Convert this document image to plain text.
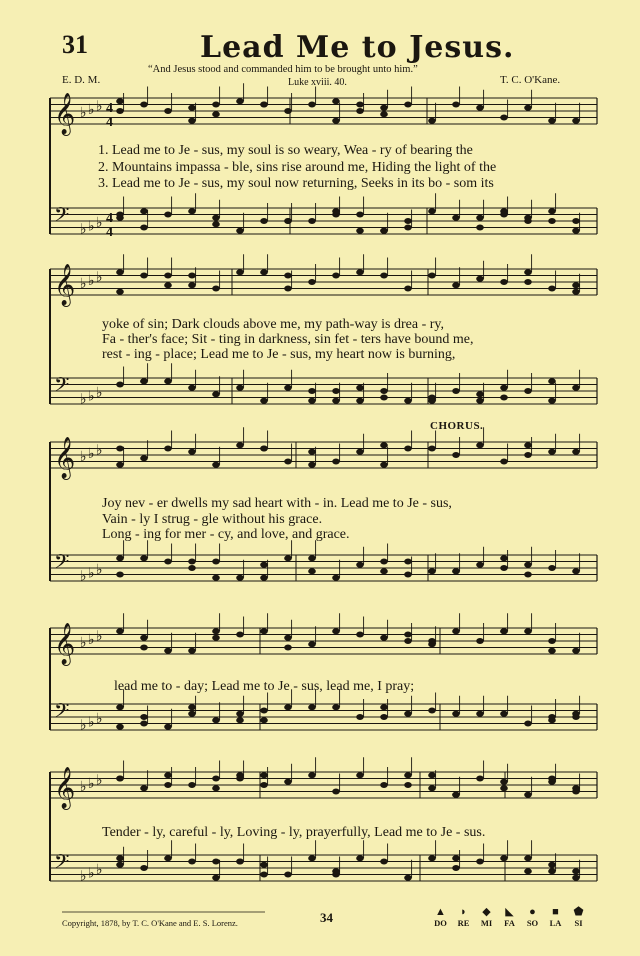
31	Lead Me to Jesus.
“And Jesus stood and commanded him to be brought unto him.”
Luke xviii. 40.
E. D. M.	T. C. O'Kane.
𝄞 ♭ ♭ ♭
𝄢 ♭ ♭ ♭
𝄞 ♭ ♭ ♭
𝄢 ♭ ♭ ♭
𝄞 ♭ ♭ ♭
𝄢 ♭ ♭ ♭
𝄞 ♭ ♭ ♭
𝄢 ♭ ♭ ♭
𝄞 ♭ ♭ ♭
𝄢 ♭ ♭ ♭
4
4
4
4
1. Lead me to Je - sus, my soul is so weary, Wea - ry of bearing the
2. Mountains impassa - ble, sins rise around me, Hiding the light of the
3. Lead me to Je - sus, my soul now returning, Seeks in its bo - som its
yoke of sin; Dark clouds above me, my path-way is drea - ry,
Fa - ther's face; Sit - ting in darkness, sin fet - ters have bound me,
rest - ing - place; Lead me to Je - sus, my heart now is burning,
CHORUS.
Joy nev - er dwells my sad heart with - in. Lead me to Je - sus,
Vain - ly I strug - gle without his grace.
Long - ing for mer - cy, and love, and grace.
lead me to - day; Lead me to Je - sus, lead me, I pray;
Tender - ly, careful - ly, Loving - ly, prayerfully, Lead me to Je - sus.
Copyright, 1878, by T. C. O'Kane and E. S. Lorenz.	34	▲
DO
◗
RE
◆
MI
◣
FA
●
SO
■
LA
⬟
SI
